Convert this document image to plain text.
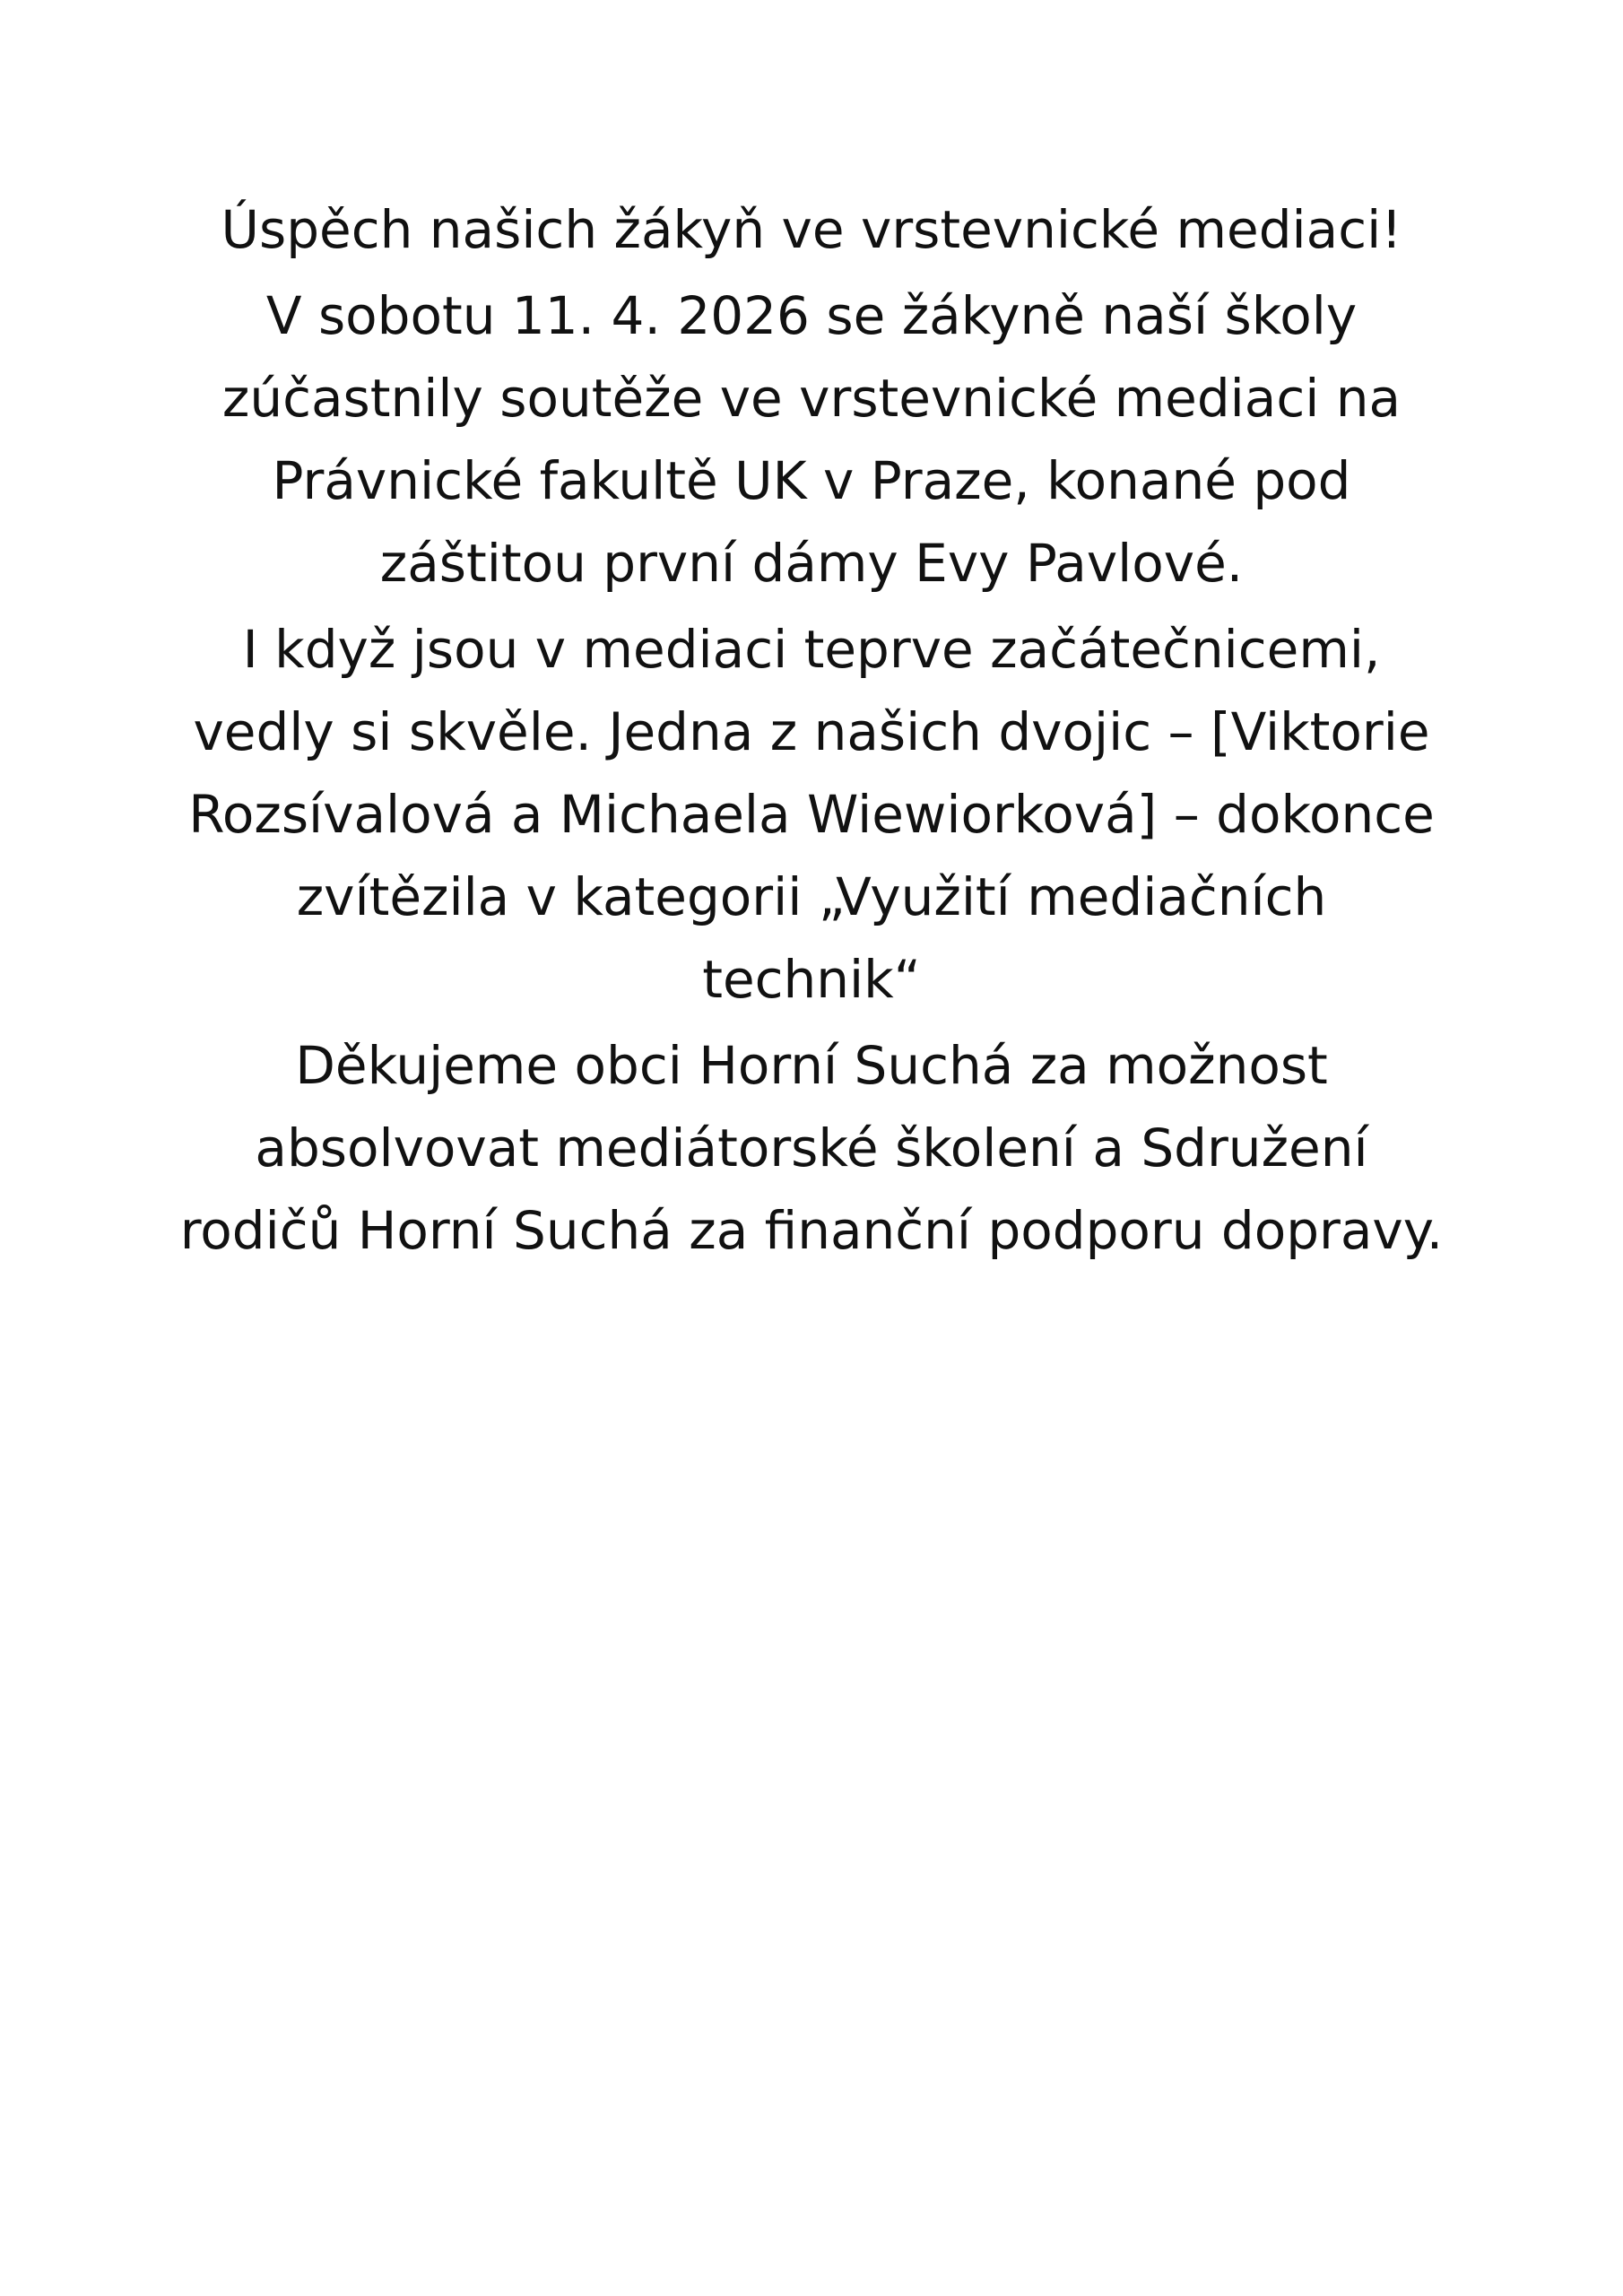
Úspěch našich žákyň ve vrstevnické mediaci!

V sobotu 11. 4. 2026 se žákyně naší školy
zúčastnily soutěže ve vrstevnické mediaci na
Právnické fakultě UK v Praze, konané pod
záštitou první dámy Evy Pavlové.

I když jsou v mediaci teprve začátečnicemi,
vedly si skvěle. Jedna z našich dvojic – [Viktorie
Rozsívalová a Michaela Wiewiorková] – dokonce
zvítězila v kategorii „Využití mediačních
technik“

Děkujeme obci Horní Suchá za možnost
absolvovat mediátorské školení a Sdružení
rodičů Horní Suchá za finanční podporu dopravy.
